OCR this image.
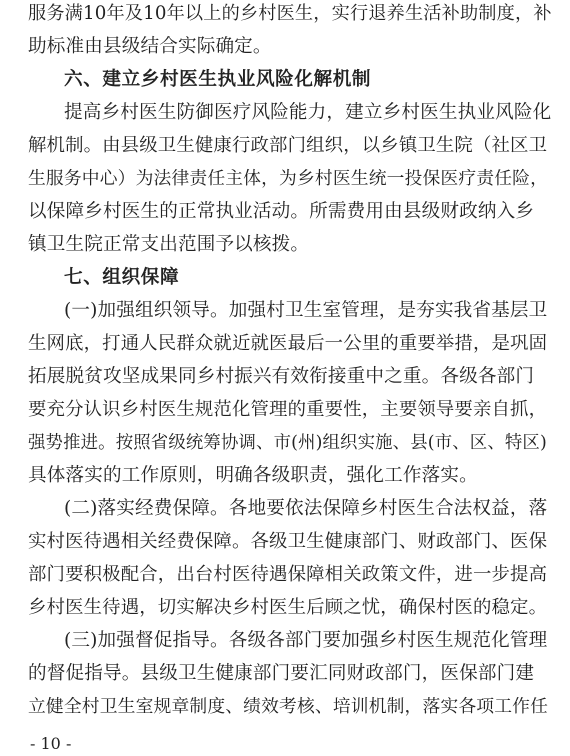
服务满10年及10年以上的乡村医生，实行退养生活补助制度，补
助标准由县级结合实际确定。
六、建立乡村医生执业风险化解机制
提高乡村医生防御医疗风险能力，建立乡村医生执业风险化
解机制。由县级卫生健康行政部门组织，以乡镇卫生院（社区卫
生服务中心）为法律责任主体，为乡村医生统一投保医疗责任险，
以保障乡村医生的正常执业活动。所需费用由县级财政纳入乡
镇卫生院正常支出范围予以核拨。
七、组织保障
(一)加强组织领导。加强村卫生室管理，是夯实我省基层卫
生网底，打通人民群众就近就医最后一公里的重要举措，是巩固
拓展脱贫攻坚成果同乡村振兴有效衔接重中之重。各级各部门
要充分认识乡村医生规范化管理的重要性，主要领导要亲自抓，
强势推进。按照省级统筹协调、市(州)组织实施、县(市、区、特区)
具体落实的工作原则，明确各级职责，强化工作落实。
(二)落实经费保障。各地要依法保障乡村医生合法权益，落
实村医待遇相关经费保障。各级卫生健康部门、财政部门、医保
部门要积极配合，出台村医待遇保障相关政策文件，进一步提高
乡村医生待遇，切实解决乡村医生后顾之忧，确保村医的稳定。
(三)加强督促指导。各级各部门要加强乡村医生规范化管理
的督促指导。县级卫生健康部门要汇同财政部门，医保部门建
立健全村卫生室规章制度、绩效考核、培训机制，落实各项工作任
- 10 -
